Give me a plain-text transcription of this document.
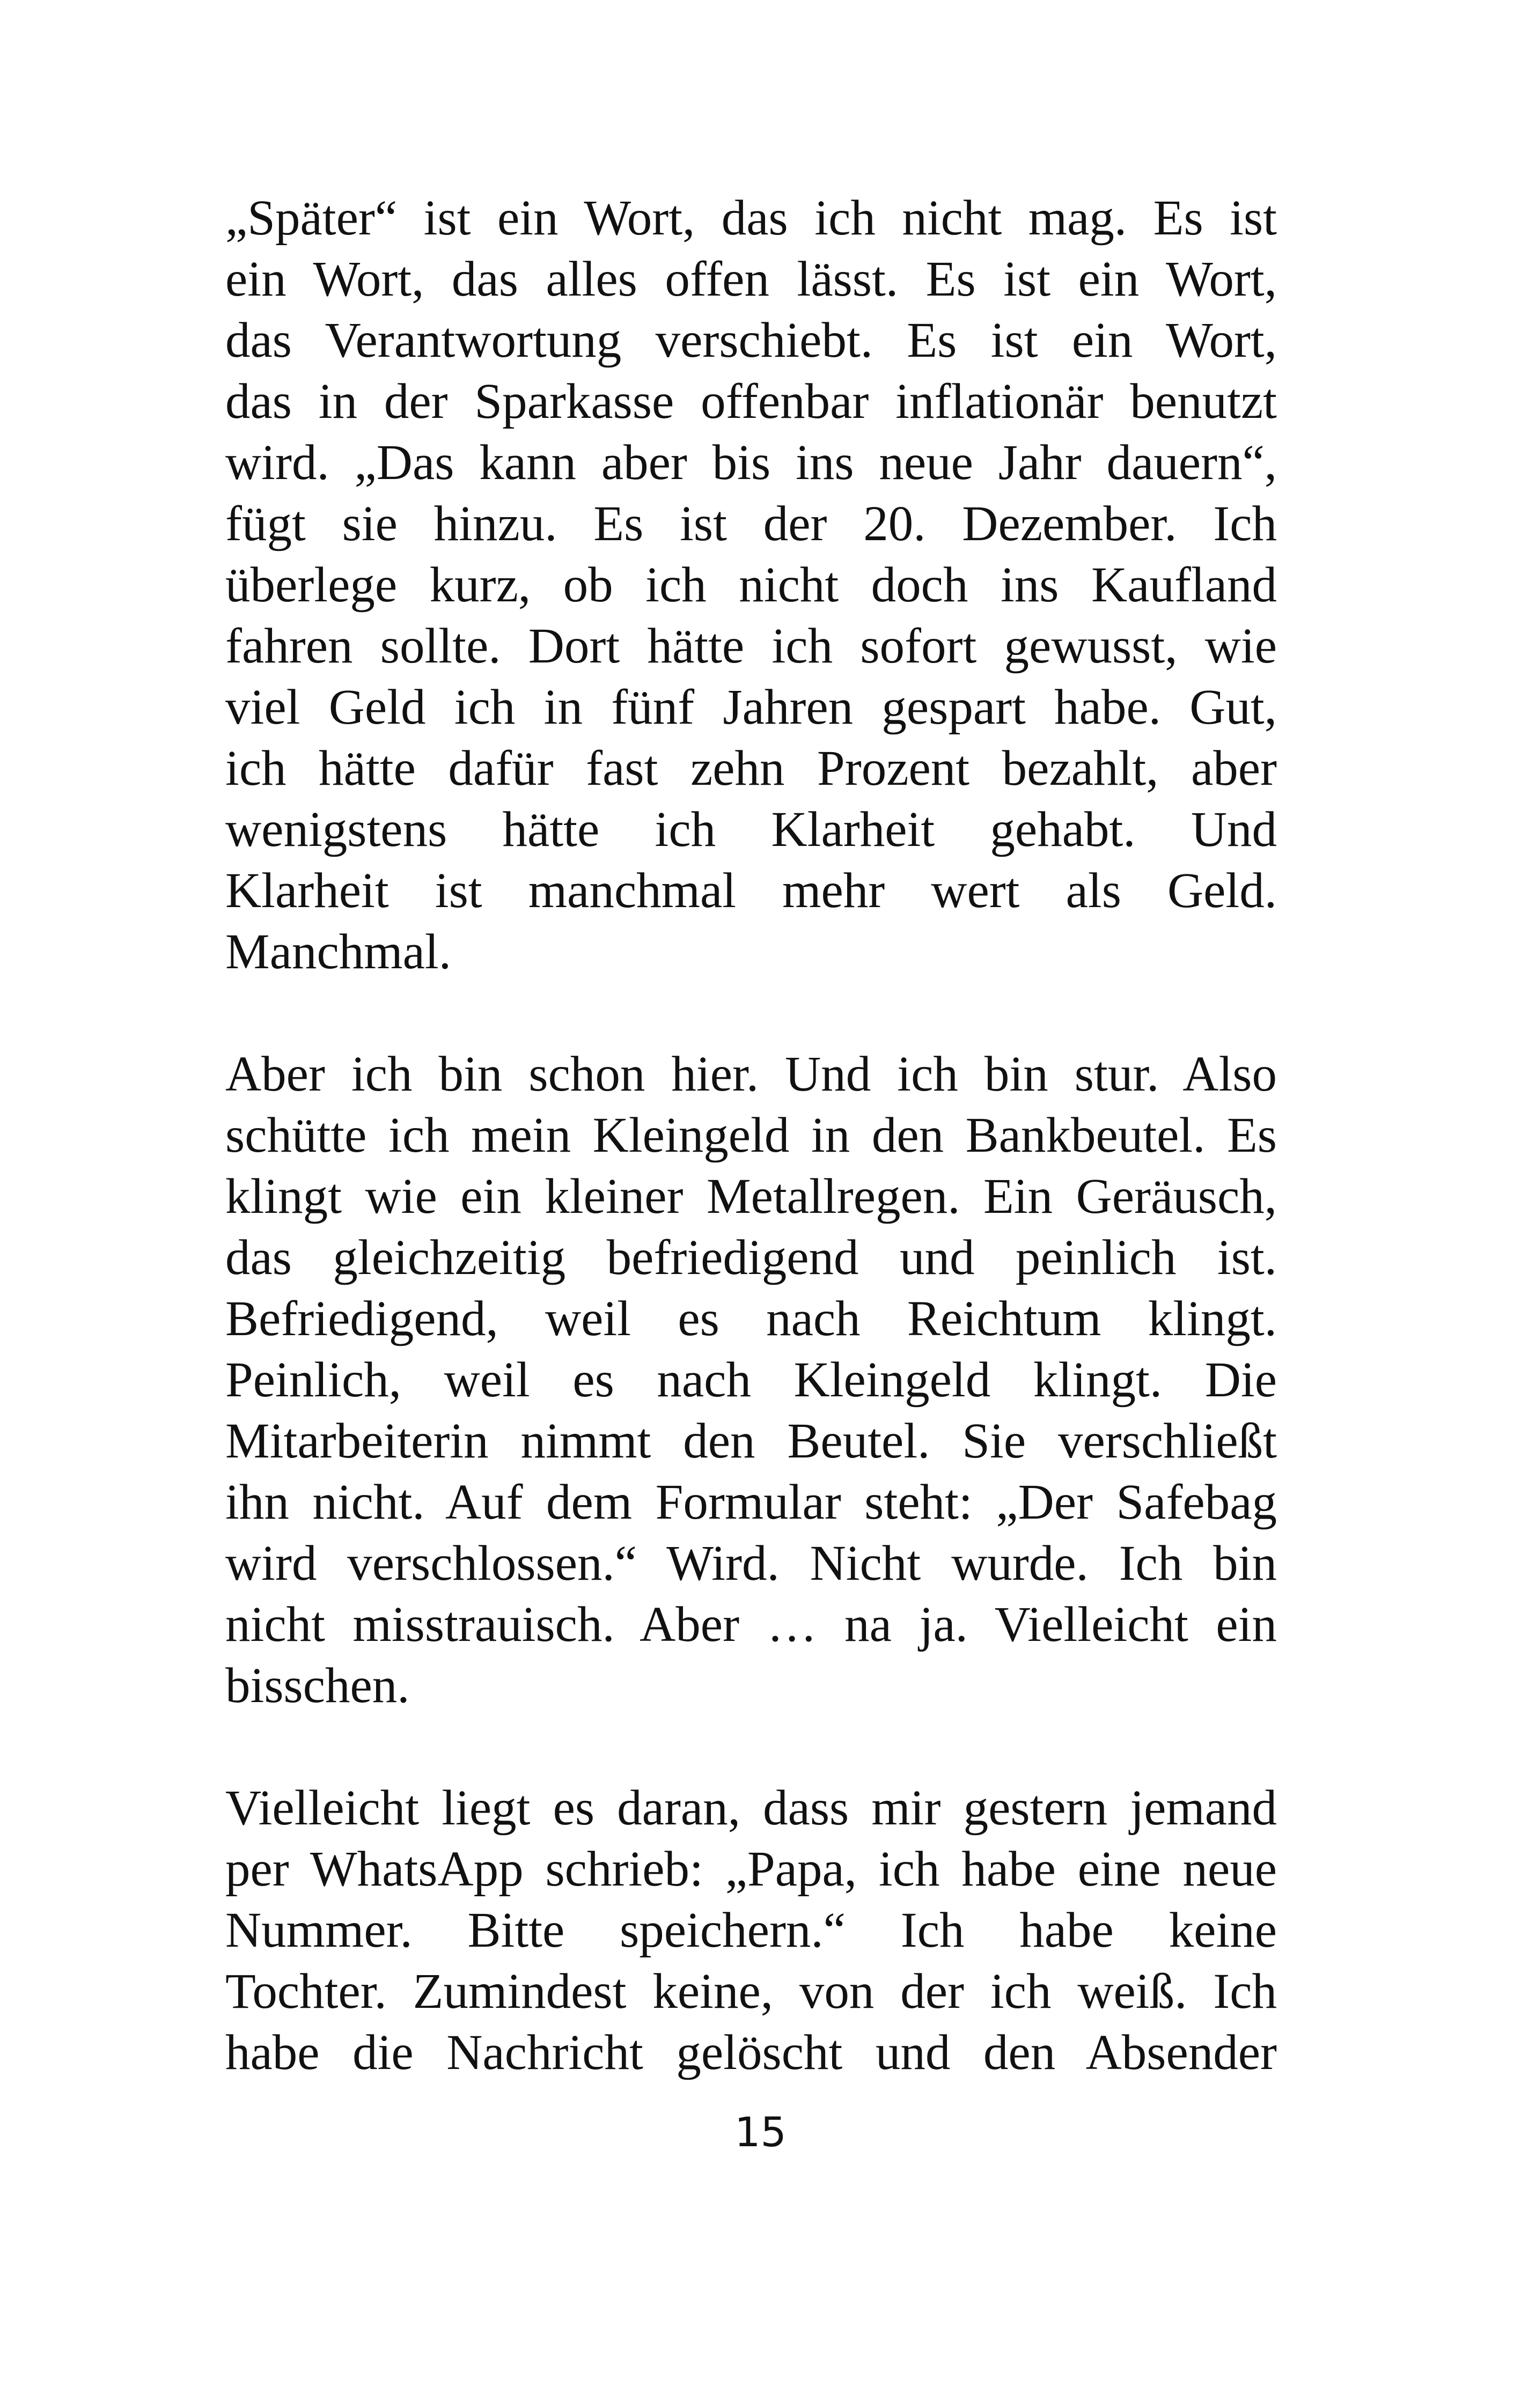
„Später“ ist ein Wort, das ich nicht mag. Es ist
ein Wort, das alles offen lässt. Es ist ein Wort,
das Verantwortung verschiebt. Es ist ein Wort,
das in der Sparkasse offenbar inflationär benutzt
wird. „Das kann aber bis ins neue Jahr dauern“,
fügt sie hinzu. Es ist der 20. Dezember. Ich
überlege kurz, ob ich nicht doch ins Kaufland
fahren sollte. Dort hätte ich sofort gewusst, wie
viel Geld ich in fünf Jahren gespart habe. Gut,
ich hätte dafür fast zehn Prozent bezahlt, aber
wenigstens hätte ich Klarheit gehabt. Und
Klarheit ist manchmal mehr wert als Geld.
Manchmal.

Aber ich bin schon hier. Und ich bin stur. Also
schütte ich mein Kleingeld in den Bankbeutel. Es
klingt wie ein kleiner Metallregen. Ein Geräusch,
das gleichzeitig befriedigend und peinlich ist.
Befriedigend, weil es nach Reichtum klingt.
Peinlich, weil es nach Kleingeld klingt. Die
Mitarbeiterin nimmt den Beutel. Sie verschließt
ihn nicht. Auf dem Formular steht: „Der Safebag
wird verschlossen.“ Wird. Nicht wurde. Ich bin
nicht misstrauisch. Aber … na ja. Vielleicht ein
bisschen.

Vielleicht liegt es daran, dass mir gestern jemand
per WhatsApp schrieb: „Papa, ich habe eine neue
Nummer. Bitte speichern.“ Ich habe keine
Tochter. Zumindest keine, von der ich weiß. Ich
habe die Nachricht gelöscht und den Absender

15
